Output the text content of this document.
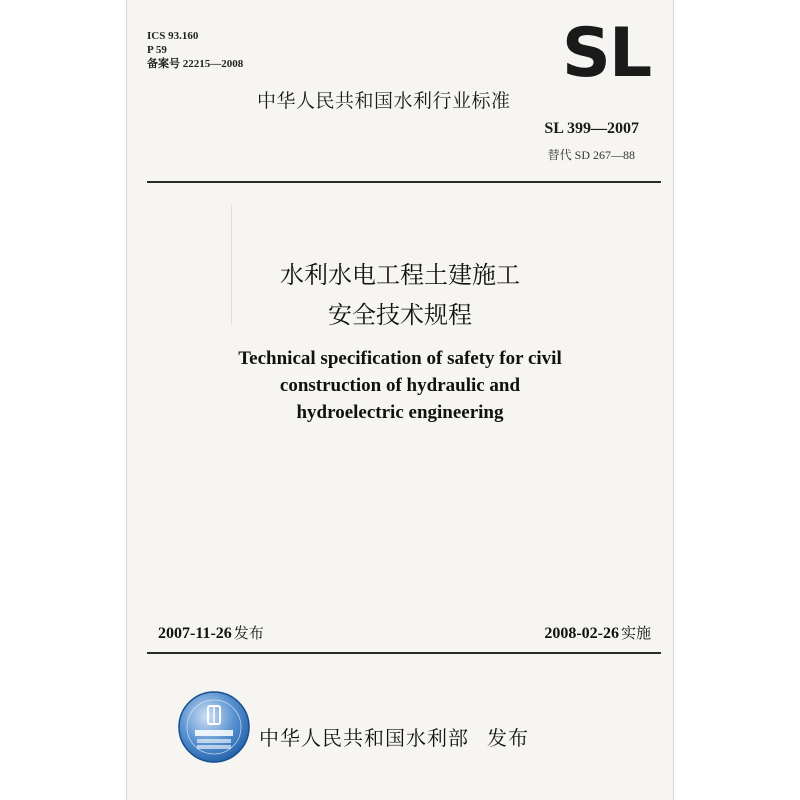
ICS 93.160
P 59
备案号 22215—2008	SL
中华人民共和国水利行业标准
SL 399—2007
替代 SD 267—88
水利水电工程土建施工
安全技术规程
Technical specification of safety for civil
construction of hydraulic and
hydroelectric engineering
2007-11-26 发布	2008-02-26 实施
中华人民共和国水利部 发布
